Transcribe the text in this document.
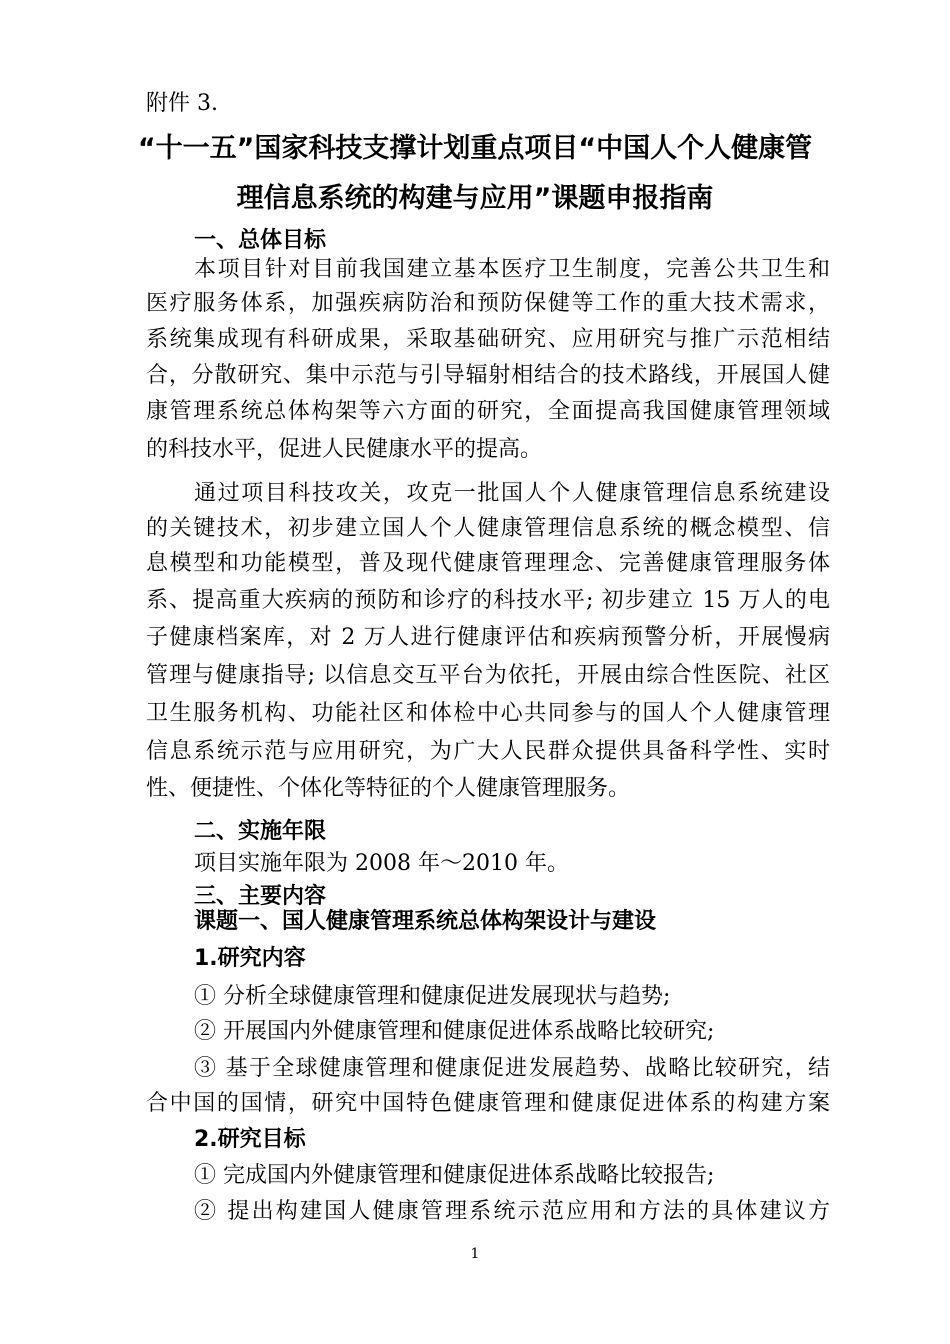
附件 3.
“十一五”国家科技支撑计划重点项目“中国人个人健康管
理信息系统的构建与应用”课题申报指南
一、总体目标
本项目针对目前我国建立基本医疗卫生制度，完善公共卫生和
医疗服务体系，加强疾病防治和预防保健等工作的重大技术需求，
系统集成现有科研成果，采取基础研究、应用研究与推广示范相结
合，分散研究、集中示范与引导辐射相结合的技术路线，开展国人健
康管理系统总体构架等六方面的研究，全面提高我国健康管理领域
的科技水平，促进人民健康水平的提高。
通过项目科技攻关，攻克一批国人个人健康管理信息系统建设
的关键技术，初步建立国人个人健康管理信息系统的概念模型、信
息模型和功能模型，普及现代健康管理理念、完善健康管理服务体
系、提高重大疾病的预防和诊疗的科技水平; 初步建立 15 万人的电
子健康档案库，对 2 万人进行健康评估和疾病预警分析，开展慢病
管理与健康指导; 以信息交互平台为依托，开展由综合性医院、社区
卫生服务机构、功能社区和体检中心共同参与的国人个人健康管理
信息系统示范与应用研究，为广大人民群众提供具备科学性、实时
性、便捷性、个体化等特征的个人健康管理服务。
二、实施年限
项目实施年限为 2008 年～2010 年。
三、主要内容
课题一、国人健康管理系统总体构架设计与建设
1.研究内容
① 分析全球健康管理和健康促进发展现状与趋势;
② 开展国内外健康管理和健康促进体系战略比较研究;
③ 基于全球健康管理和健康促进发展趋势、战略比较研究，结
合中国的国情，研究中国特色健康管理和健康促进体系的构建方案
2.研究目标
① 完成国内外健康管理和健康促进体系战略比较报告;
② 提出构建国人健康管理系统示范应用和方法的具体建议方
1
